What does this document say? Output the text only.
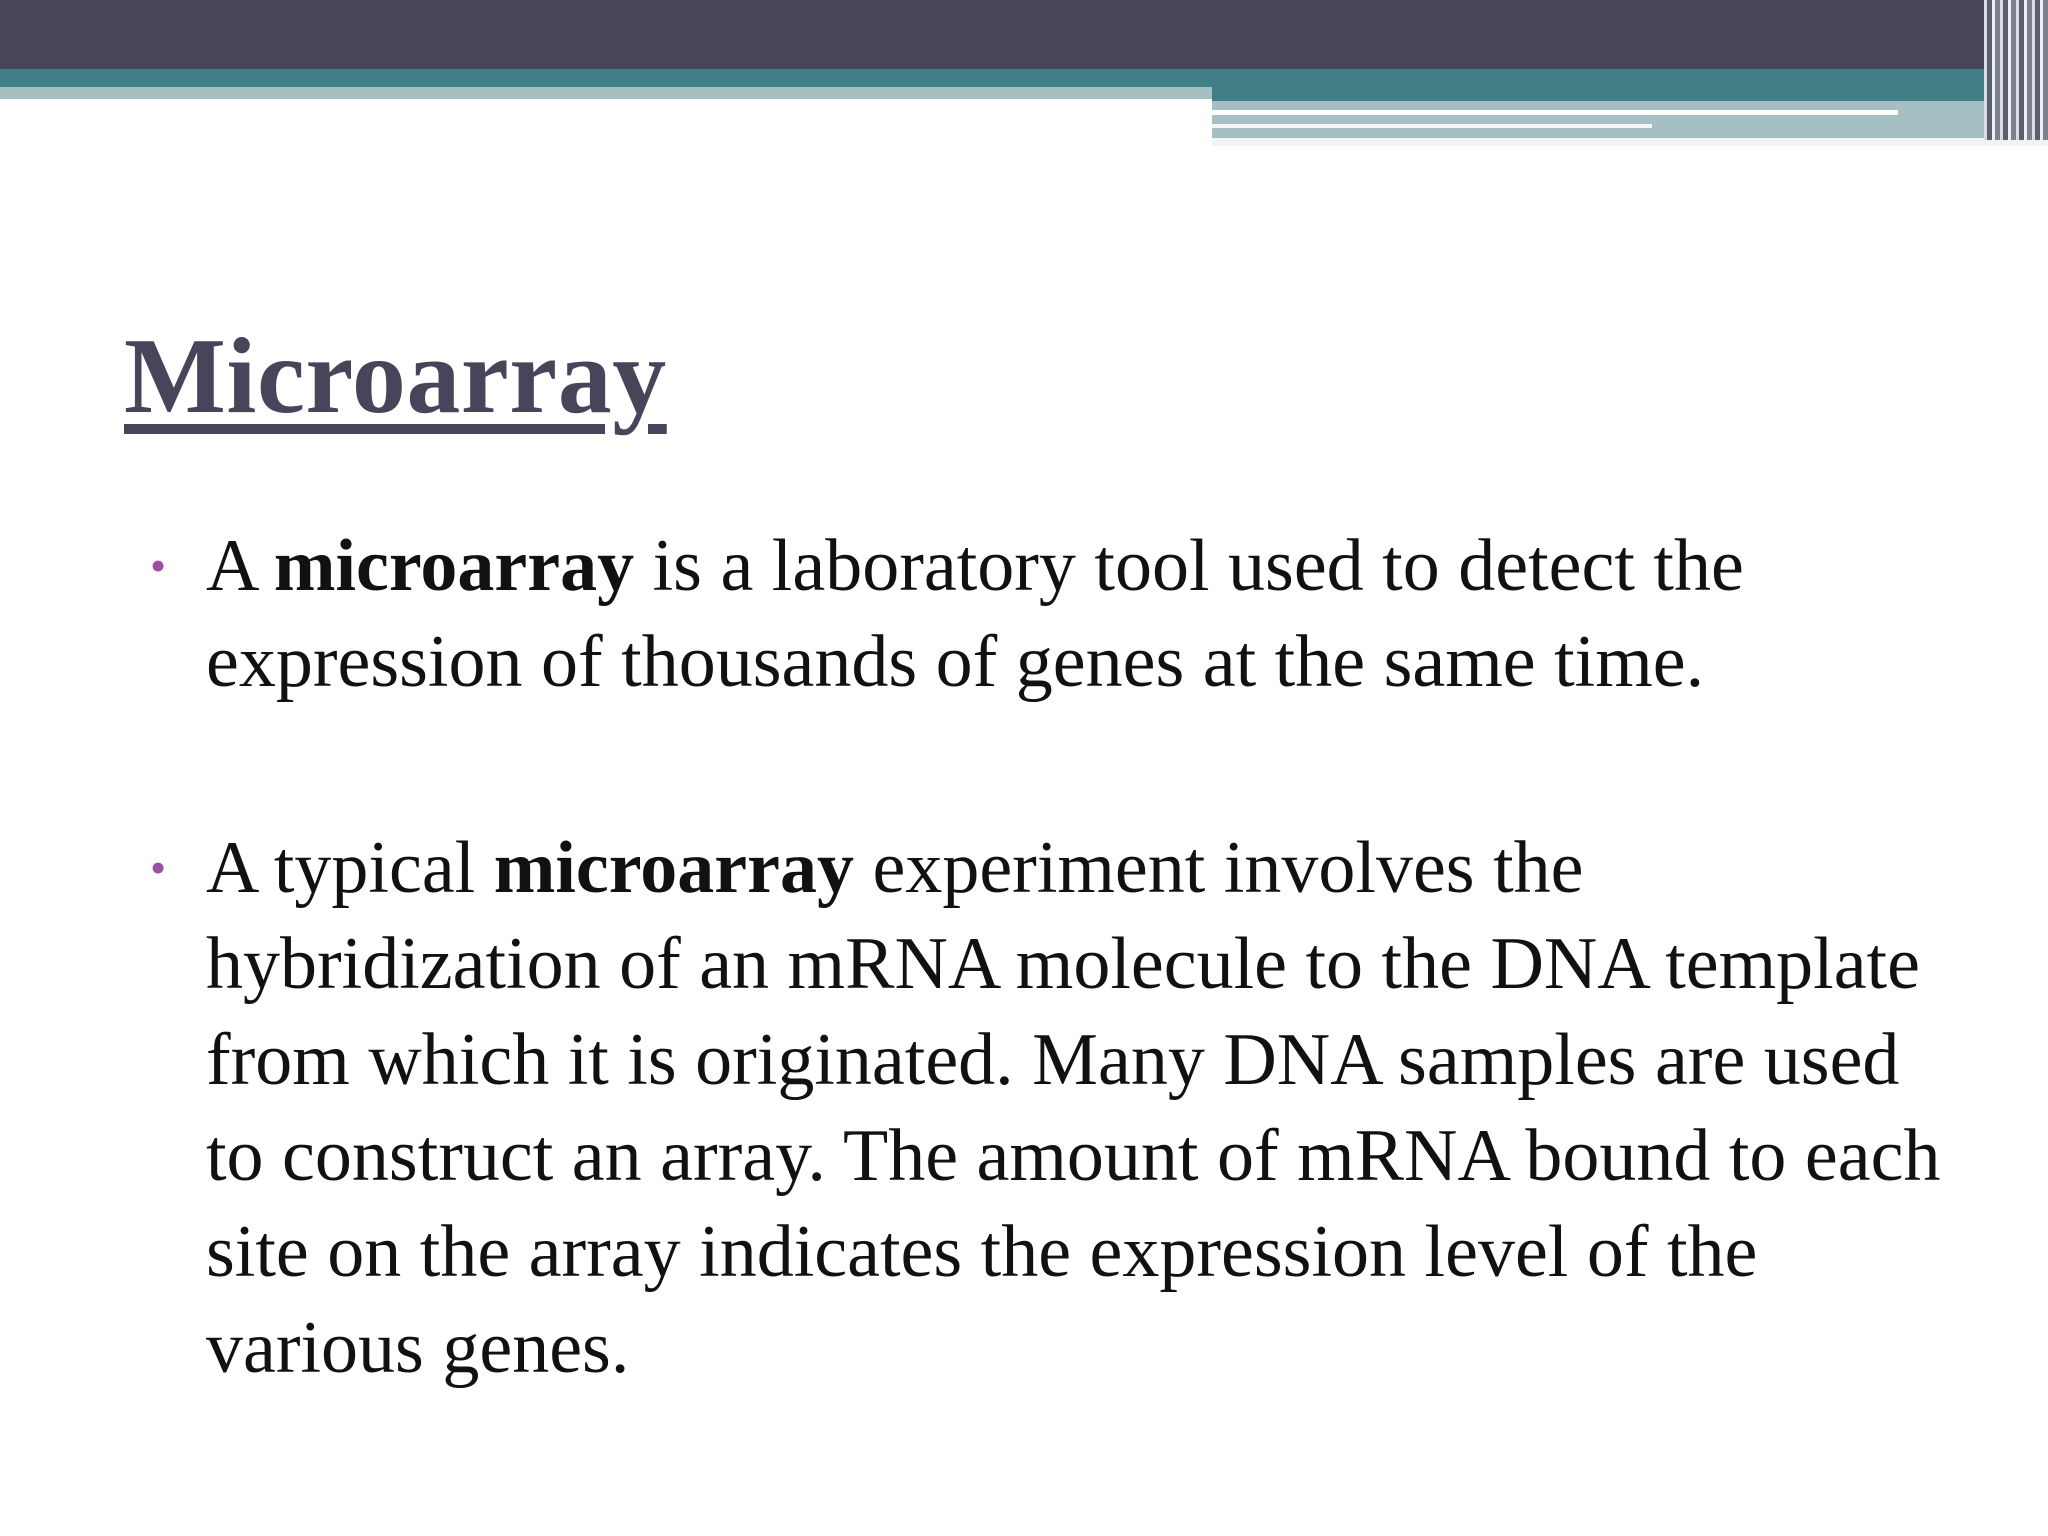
Microarray
• A microarray is a laboratory tool used to detect the expression of thousands of genes at the same time.
• A typical microarray experiment involves the hybridization of an mRNA molecule to the DNA template from which it is originated. Many DNA samples are used to construct an array. The amount of mRNA bound to each site on the array indicates the expression level of the various genes.
